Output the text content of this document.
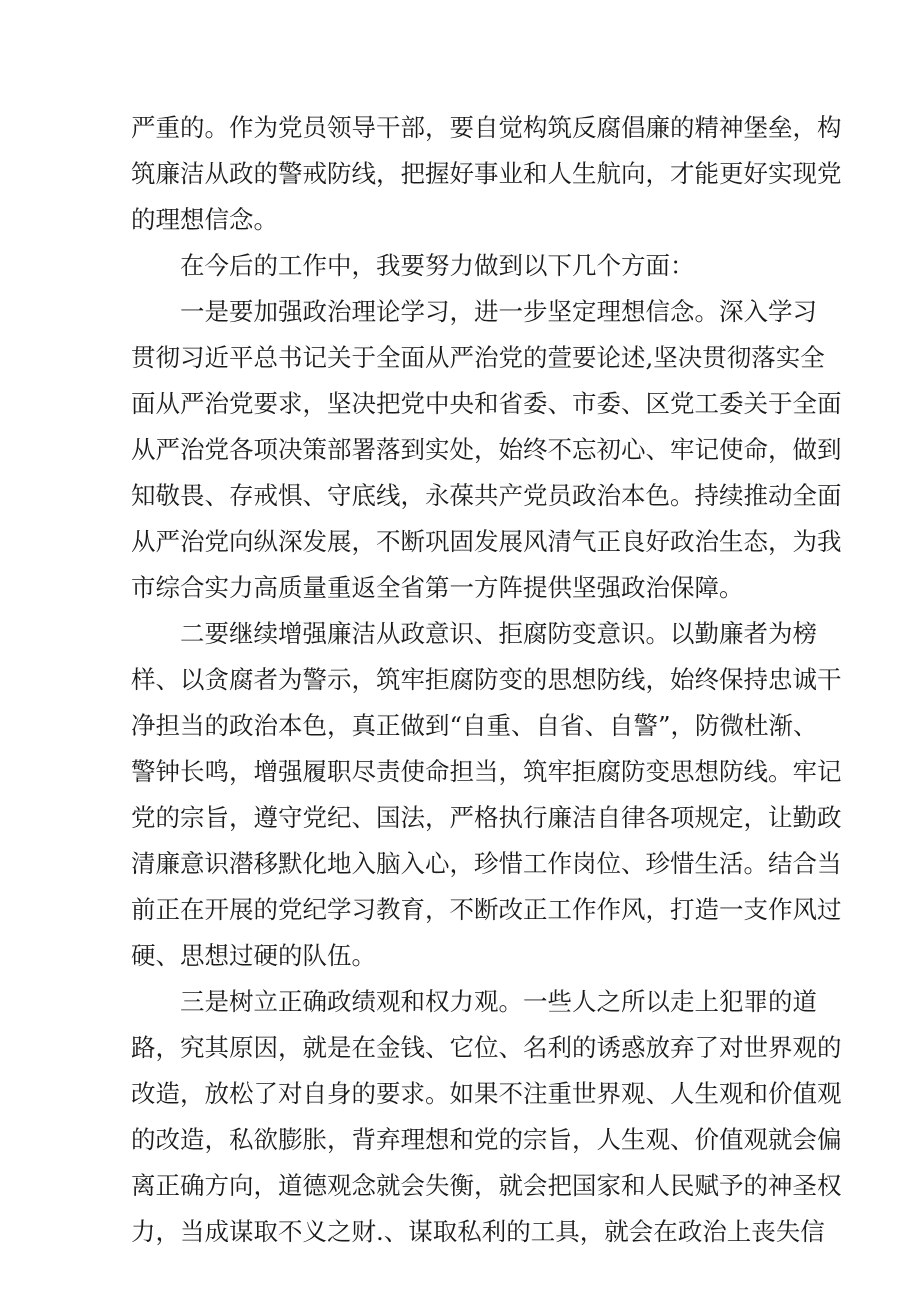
严重的。作为党员领导干部，要自觉构筑反腐倡廉的精神堡垒，构
筑廉洁从政的警戒防线，把握好事业和人生航向，才能更好实现党
的理想信念。
在今后的工作中，我要努力做到以下几个方面：
一是要加强政治理论学习，进一步坚定理想信念。深入学习
贯彻习近平总书记关于全面从严治党的萱要论述,坚决贯彻落实全
面从严治党要求，坚决把党中央和省委、市委、区党工委关于全面
从严治党各项决策部署落到实处，始终不忘初心、牢记使命，做到
知敬畏、存戒惧、守底线，永葆共产党员政治本色。持续推动全面
从严治党向纵深发展，不断巩固发展风清气正良好政治生态，为我
市综合实力高质量重返全省第一方阵提供坚强政治保障。
二要继续增强廉洁从政意识、拒腐防变意识。以勤廉者为榜
样、以贪腐者为警示，筑牢拒腐防变的思想防线，始终保持忠诚干
净担当的政治本色，真正做到“自重、自省、自警”，防微杜渐、
警钟长鸣，增强履职尽责使命担当，筑牢拒腐防变思想防线。牢记
党的宗旨，遵守党纪、国法，严格执行廉洁自律各项规定，让勤政
清廉意识潜移默化地入脑入心，珍惜工作岗位、珍惜生活。结合当
前正在开展的党纪学习教育，不断改正工作作风，打造一支作风过
硬、思想过硬的队伍。
三是树立正确政绩观和权力观。一些人之所以走上犯罪的道
路，究其原因，就是在金钱、它位、名利的诱惑放弃了对世界观的
改造，放松了对自身的要求。如果不注重世界观、人生观和价值观
的改造，私欲膨胀，背弃理想和党的宗旨，人生观、价值观就会偏
离正确方向，道德观念就会失衡，就会把国家和人民赋予的神圣权
力，当成谋取不义之财.、谋取私利的工具，就会在政治上丧失信
